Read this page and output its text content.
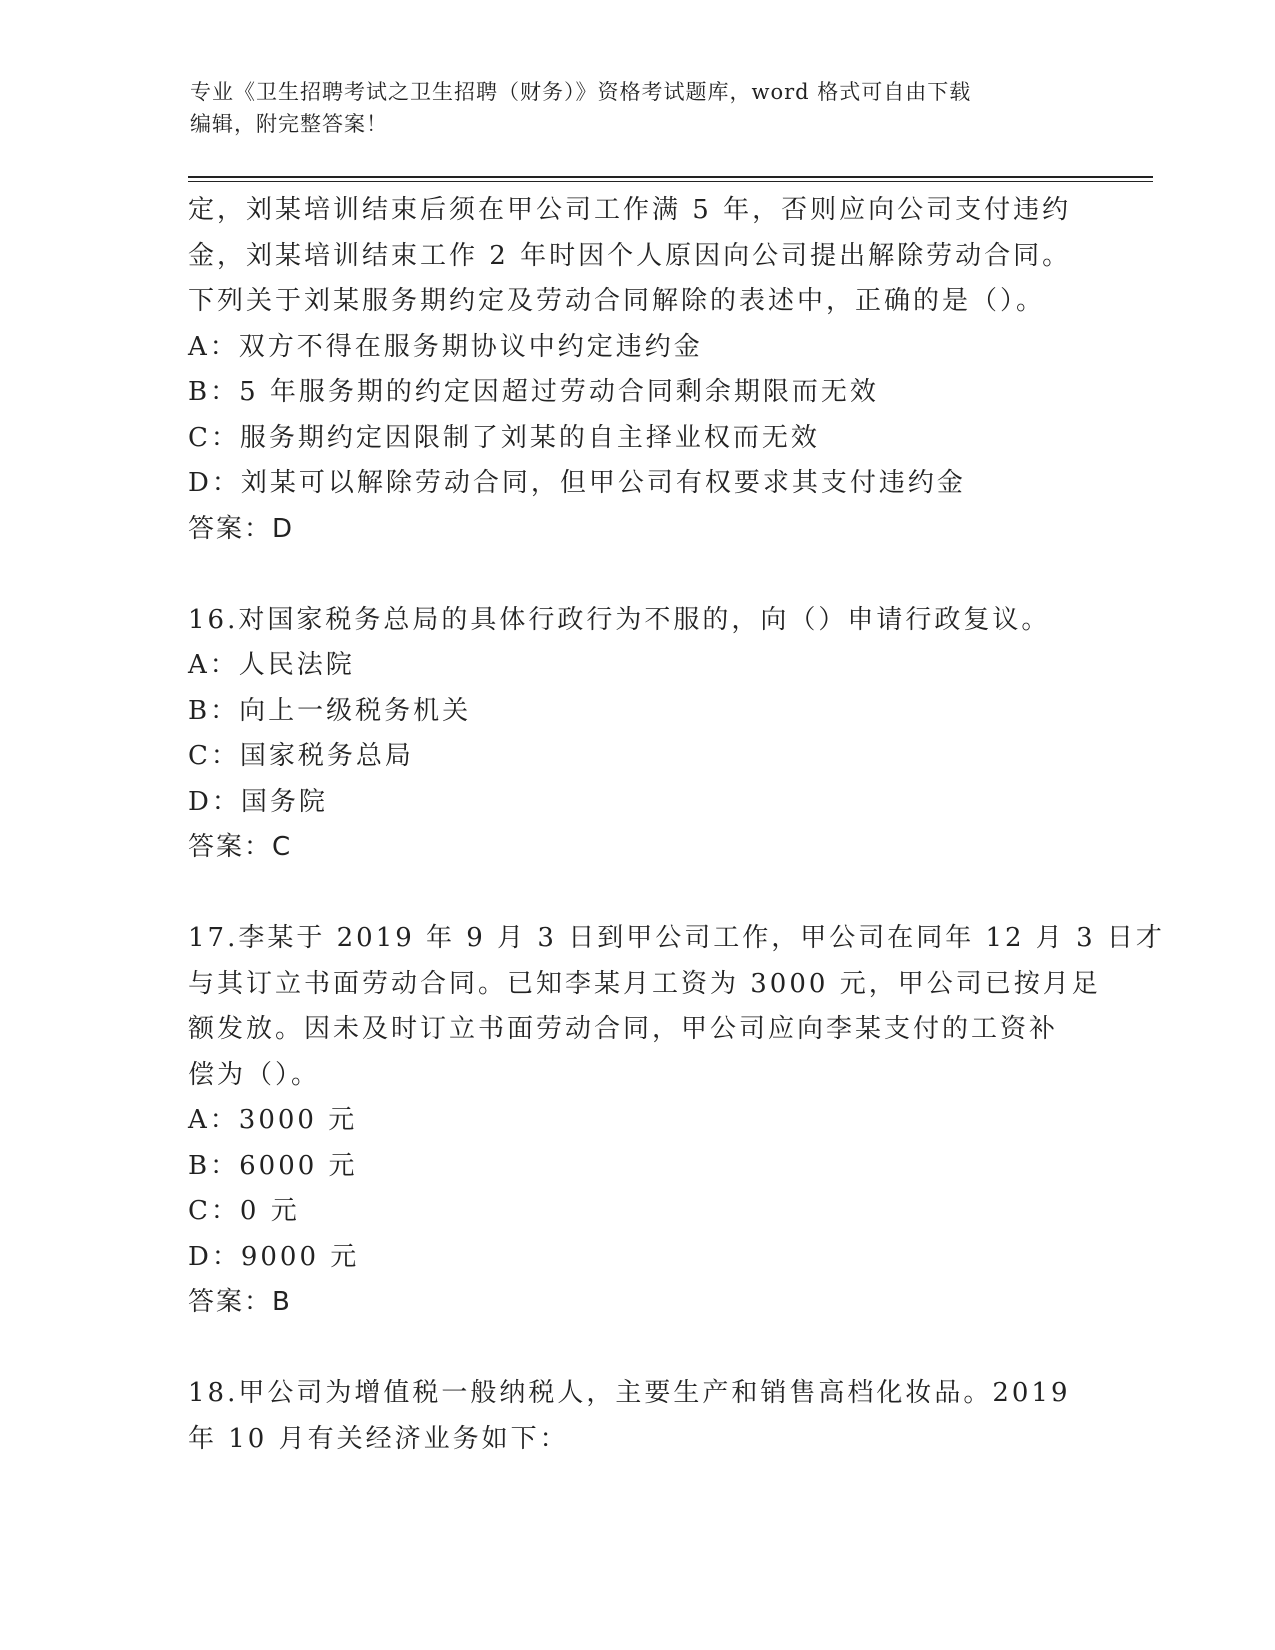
专业《卫生招聘考试之卫生招聘（财务）》资格考试题库，word 格式可自由下载
编辑，附完整答案！
定，刘某培训结束后须在甲公司工作满 5 年，否则应向公司支付违约
金，刘某培训结束工作 2 年时因个人原因向公司提出解除劳动合同。
下列关于刘某服务期约定及劳动合同解除的表述中，正确的是（）。
A：双方不得在服务期协议中约定违约金
B：5 年服务期的约定因超过劳动合同剩余期限而无效
C：服务期约定因限制了刘某的自主择业权而无效
D：刘某可以解除劳动合同，但甲公司有权要求其支付违约金
答案：D
16.对国家税务总局的具体行政行为不服的，向（）申请行政复议。
A：人民法院
B：向上一级税务机关
C：国家税务总局
D：国务院
答案：C
17.李某于 2019 年 9 月 3 日到甲公司工作，甲公司在同年 12 月 3 日才
与其订立书面劳动合同。已知李某月工资为 3000 元，甲公司已按月足
额发放。因未及时订立书面劳动合同，甲公司应向李某支付的工资补
偿为（）。
A：3000 元
B：6000 元
C：0 元
D：9000 元
答案：B
18.甲公司为增值税一般纳税人，主要生产和销售高档化妆品。2019
年 10 月有关经济业务如下：
